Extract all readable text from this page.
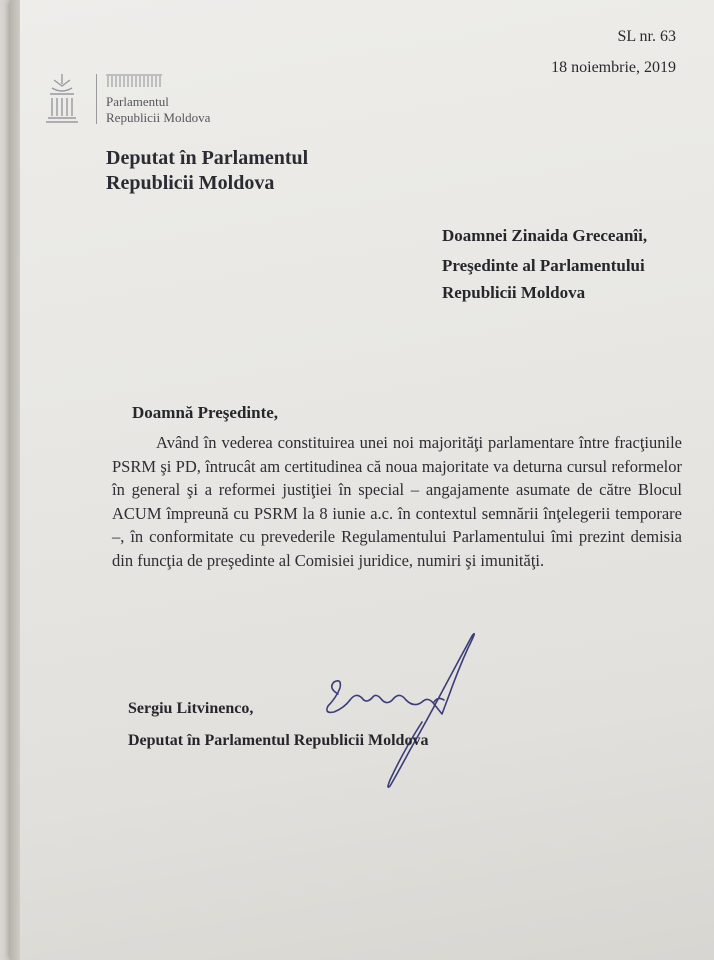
SL nr. 63
18 noiembrie, 2019
Parlamentul
Republicii Moldova
Deputat în Parlamentul
Republicii Moldova
Doamnei Zinaida Greceanîi,
Preşedinte al Parlamentului
Republicii Moldova
Doamnă Preşedinte,
Având în vederea constituirea unei noi majorităţi parlamentare între fracţiunile PSRM şi PD, întrucât am certitudinea că noua majoritate va deturna cursul reformelor în general şi a reformei justiţiei în special – angajamente asumate de către Blocul ACUM împreună cu PSRM la 8 iunie a.c. în contextul semnării înţelegerii temporare –, în conformitate cu prevederile Regulamentului Parlamentului îmi prezint demisia din funcţia de preşedinte al Comisiei juridice, numiri şi imunităţi.
Sergiu Litvinenco,
Deputat în Parlamentul Republicii Moldova
